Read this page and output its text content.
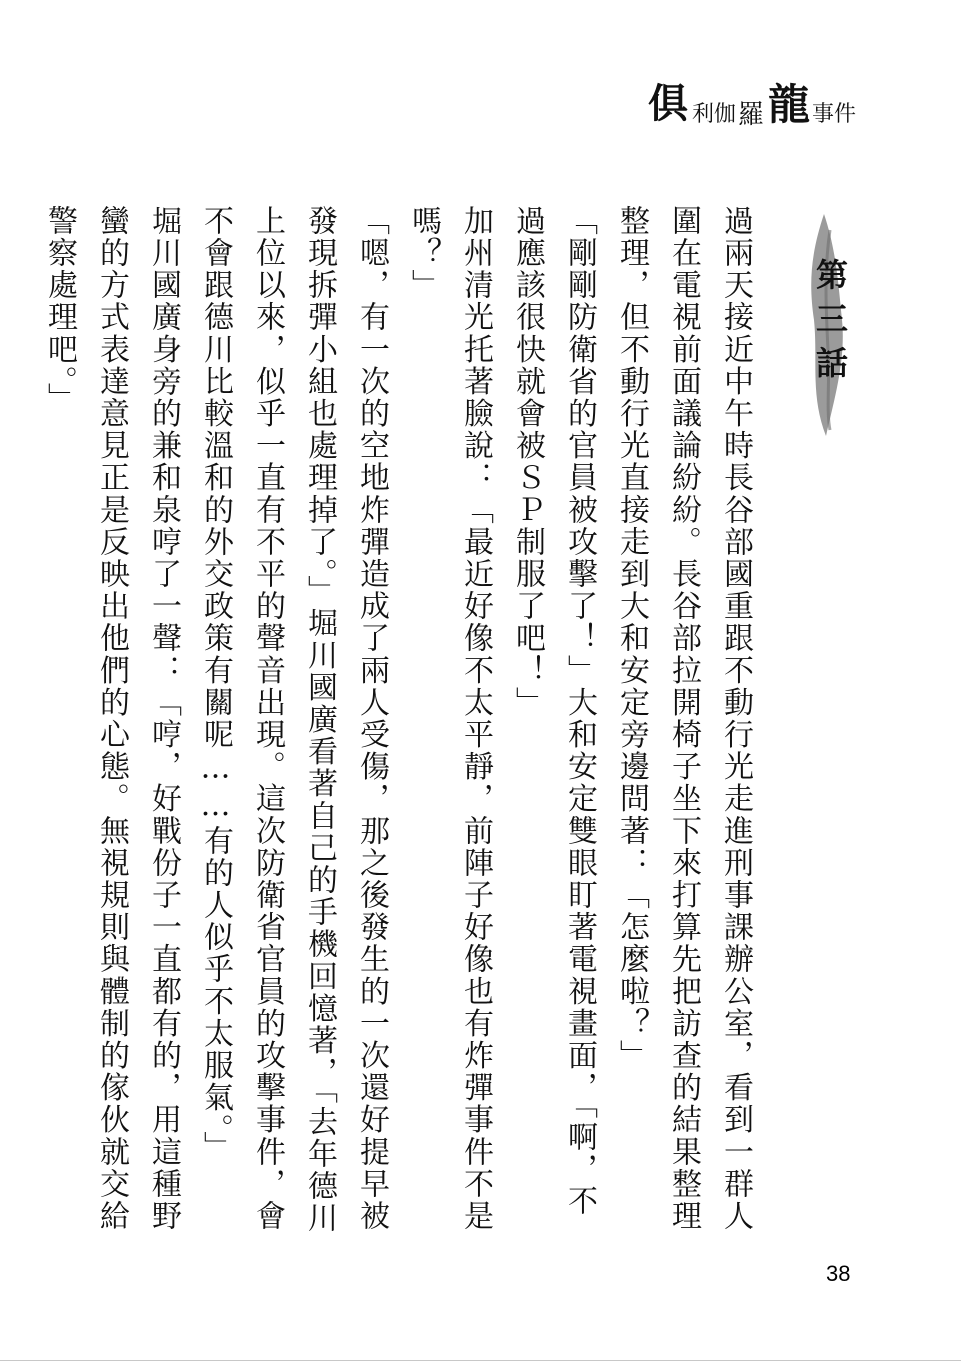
俱 利伽 羅 龍 事件
第三話

過兩天接近中午時長谷部國重跟不動行光走進刑事課辦公室，看到一群人圍在電視前面議論紛紛。長谷部拉開椅子坐下來打算先把訪查的結果整理整理，但不動行光直接走到大和安定旁邊問著：「怎麼啦？」

「剛剛防衛省的官員被攻擊了！」大和安定雙眼盯著電視畫面，「啊，不過應該很快就會被ＳＰ制服了吧！」

加州清光托著臉說：「最近好像不太平靜，前陣子好像也有炸彈事件不是嗎？」

「嗯，有一次的空地炸彈造成了兩人受傷，那之後發生的一次還好提早被發現拆彈小組也處理掉了。」堀川國廣看著自己的手機回憶著，「去年德川上位以來，似乎一直有不平的聲音出現。這次防衛省官員的攻擊事件，會不會跟德川比較溫和的外交政策有關呢……有的人似乎不太服氣。」

堀川國廣身旁的兼和泉哼了一聲：「哼，好戰份子一直都有的，用這種野蠻的方式表達意見正是反映出他們的心態。無視規則與體制的傢伙就交給警察處理吧。」

38
